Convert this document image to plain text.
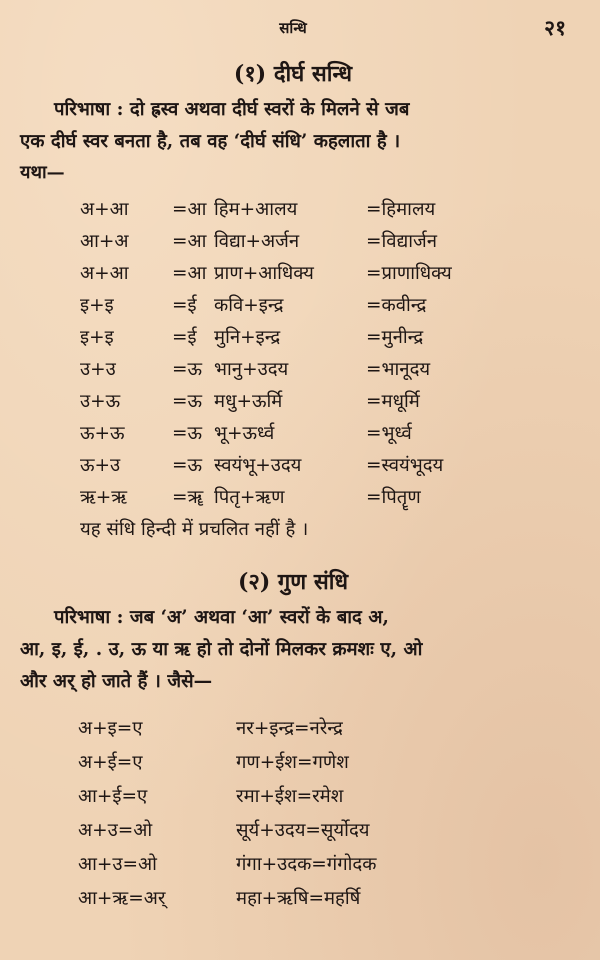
सन्धि	२१
(१) दीर्घ सन्धि

परिभाषा : दो ह्रस्व अथवा दीर्घ स्वरों के मिलने से जब
एक दीर्घ स्वर बनता है, तब वह ‘दीर्घ संधि’ कहलाता है ।

यथा—

अ+आ	=आ हिम+आलय	=हिमालय
आ+अ	=आ विद्या+अर्जन	=विद्यार्जन
अ+आ	=आ प्राण+आधिक्य	=प्राणाधिक्य
इ+इ	=ई कवि+इन्द्र	=कवीन्द्र
इ+इ	=ई मुनि+इन्द्र	=मुनीन्द्र
उ+उ	=ऊ भानु+उदय	=भानूदय
उ+ऊ	=ऊ मधु+ऊर्मि	=मधूर्मि
ऊ+ऊ	=ऊ भू+ऊर्ध्व	=भूर्ध्व
ऊ+उ	=ऊ स्वयंभू+उदय	=स्वयंभूदय
ऋ+ऋ	=ॠ पितृ+ऋण	=पितॄण

यह संधि हिन्दी में प्रचलित नहीं है ।

(२) गुण संधि

परिभाषा : जब ‘अ’ अथवा ‘आ’ स्वरों के बाद अ,
आ, इ, ई, . उ, ऊ या ऋ हो तो दोनों मिलकर क्रमशः ए, ओ
और अर् हो जाते हैं । जैसे—

अ+इ=ए	नर+इन्द्र=नरेन्द्र
अ+ई=ए	गण+ईश=गणेश
आ+ई=ए	रमा+ईश=रमेश
अ+उ=ओ	सूर्य+उदय=सूर्योदय
आ+उ=ओ	गंगा+उदक=गंगोदक
आ+ऋ=अर्	महा+ऋषि=महर्षि
